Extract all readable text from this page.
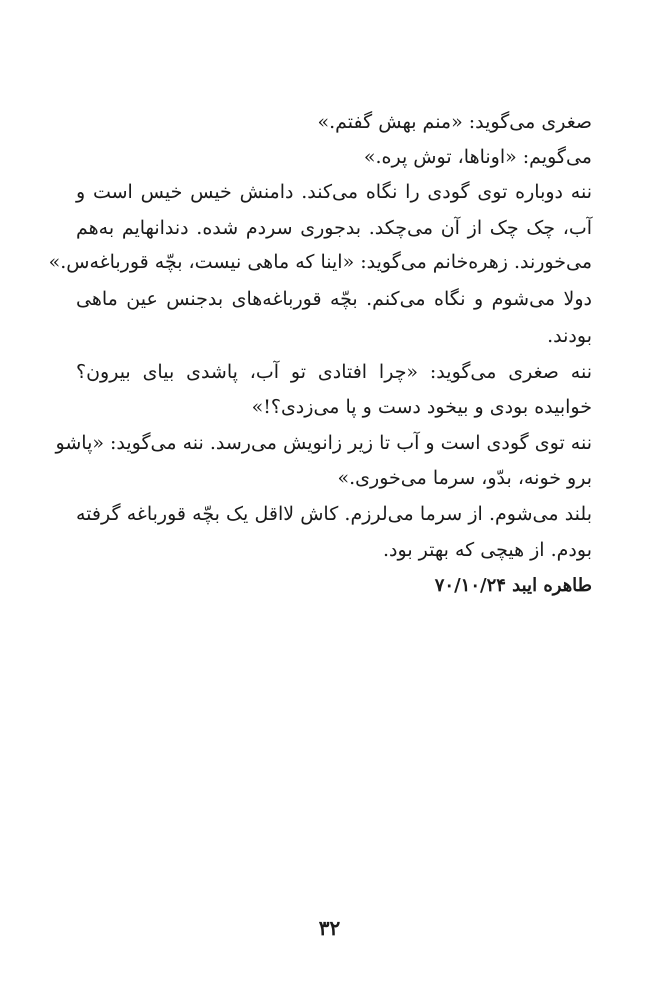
صغری می‌گوید: «منم بهش گفتم.»
می‌گویم: «اوناها، توش پره.»
ننه دوباره توی گودی را نگاه می‌کند. دامنش خیس خیس است و
آب، چک چک از آن می‌چکد. بدجوری سردم شده. دندانهایم به‌هم
می‌خورند. زهره‌خانم می‌گوید: «اینا که ماهی نیست، بچّه قورباغه‌س.»
دولا می‌شوم و نگاه می‌کنم. بچّه قورباغه‌های بدجنس عین ماهی
بودند.
ننه صغری می‌گوید: «چرا افتادی تو آب، پاشدی بیای بیرون؟
خوابیده بودی و بیخود دست و پا می‌زدی؟!»
ننه توی گودی است و آب تا زیر زانویش می‌رسد. ننه می‌گوید: «پاشو
برو خونه، بدّو، سرما می‌خوری.»
بلند می‌شوم. از سرما می‌لرزم. کاش لااقل یک بچّه قورباغه گرفته
بودم. از هیچی که بهتر بود.
طاهره ایبد ۷۰/۱۰/۲۴
۳۲
